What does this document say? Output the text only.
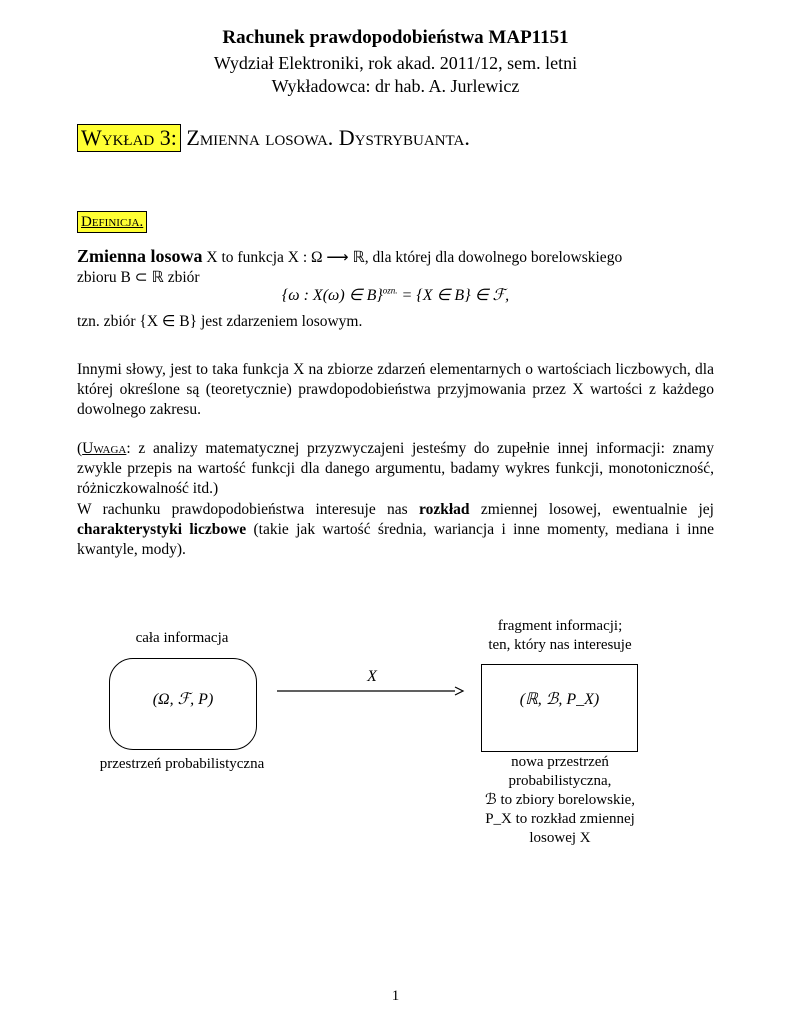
Rachunek prawdopodobieństwa MAP1151
Wydział Elektroniki, rok akad. 2011/12, sem. letni
Wykładowca: dr hab. A. Jurlewicz
Wykład 3: Zmienna losowa. Dystrybuanta.
Definicja.
Zmienna losowa X to funkcja X : Ω ⟶ ℝ, dla której dla dowolnego borelowskiego
zbioru B ⊂ ℝ zbiór
{ω : X(ω) ∈ B}$^{ozn.}$ = {X ∈ B} ∈ ℱ,
tzn. zbiór {X ∈ B} jest zdarzeniem losowym.
Innymi słowy, jest to taka funkcja X na zbiorze zdarzeń elementarnych o wartościach liczbowych, dla której określone są (teoretycznie) prawdopodobieństwa przyjmowania przez X wartości z każdego dowolnego zakresu.
(Uwaga: z analizy matematycznej przyzwyczajeni jesteśmy do zupełnie innej informacji: znamy zwykle przepis na wartość funkcji dla danego argumentu, badamy wykres funkcji, monotoniczność, różniczkowalność itd.)
W rachunku prawdopodobieństwa interesuje nas rozkład zmiennej losowej, ewentualnie jej charakterystyki liczbowe (takie jak wartość średnia, wariancja i inne momenty, mediana i inne kwantyle, mody).
cała informacja
(Ω, ℱ, P)
przestrzeń probabilistyczna
X
fragment informacji;
ten, który nas interesuje
(ℝ, ℬ, P_X)
nowa przestrzeń
probabilistyczna,
ℬ to zbiory borelowskie,
P_X to rozkład zmiennej
losowej X
1
